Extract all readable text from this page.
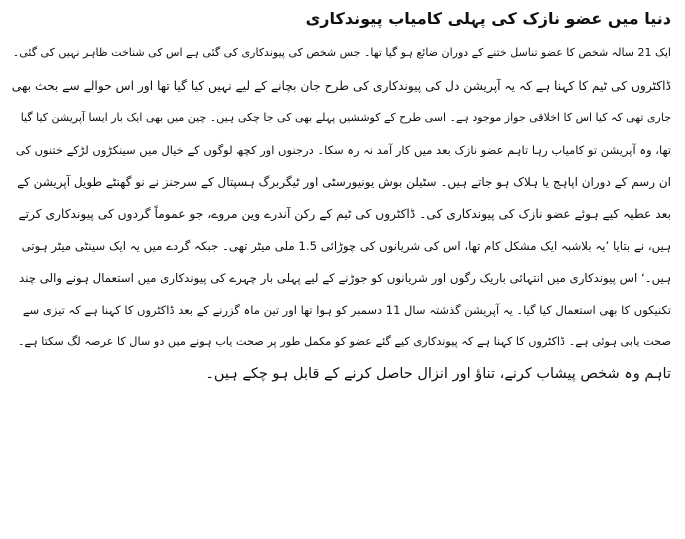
دنیا میں عضو نازک کی پہلی کامیاب پیوندکاری
ایک 21 سالہ شخص کا عضو تناسل ختنے کے دوران ضائع ہو گیا تھا۔ جس شخص کی پیوندکاری کی گئی ہے اس کی شناخت ظاہر نہیں کی گئی۔
ڈاکٹروں کی ٹیم کا کہنا ہے کہ یہ آپریشن دل کی پیوندکاری کی طرح جان بچانے کے لیے نہیں کیا گیا تھا اور اس حوالے سے بحث بھی
جاری تھی کہ کیا اس کا اخلاقی جواز موجود ہے۔ اسی طرح کے کوششیں پہلے بھی کی جا چکی ہیں۔ چین میں بھی ایک بار ایسا آپریشن کیا گیا
تھا، وہ آپریشن تو کامیاب رہا تاہم عضو نازک بعد میں کار آمد نہ رہ سکا۔ درجنوں اور کچھ لوگوں کے خیال میں سینکڑوں لڑکے ختنوں کی
ان رسم کے دوران اپاہج یا ہلاک ہو جاتے ہیں۔ سٹیلن بوش یونیورسٹی اور ٹیگربرگ ہسپتال کے سرجنز نے نو گھنٹے طویل آپریشن کے
بعد عطیہ کیے ہوئے عضو نازک کی پیوندکاری کی۔ ڈاکٹروں کی ٹیم کے رکن آندرے وین مروے، جو عموماً گردوں کی پیوندکاری کرتے
ہیں، نے بتایا ’یہ بلاشبہ ایک مشکل کام تھا، اس کی شریانوں کی چوڑائی 1.5 ملی میٹر تھی۔ جبکہ گردے میں یہ ایک سینٹی میٹر ہوتی
ہیں۔‘ اس پیوندکاری میں انتہائی باریک رگوں اور شریانوں کو جوڑنے کے لیے پہلی بار چہرے کی پیوندکاری میں استعمال ہونے والی چند
تکنیکوں کا بھی استعمال کیا گیا۔ یہ آپریشن گذشتہ سال 11 دسمبر کو ہوا تھا اور تین ماہ گزرنے کے بعد ڈاکٹروں کا کہنا ہے کہ تیزی سے
صحت یابی ہوئی ہے۔ ڈاکٹروں کا کہنا ہے کہ پیوندکاری کیے گئے عضو کو مکمل طور پر صحت یاب ہونے میں دو سال کا عرصہ لگ سکتا ہے۔
تاہم وہ شخص پیشاب کرنے، تناؤ اور انزال حاصل کرنے کے قابل ہو چکے ہیں۔
